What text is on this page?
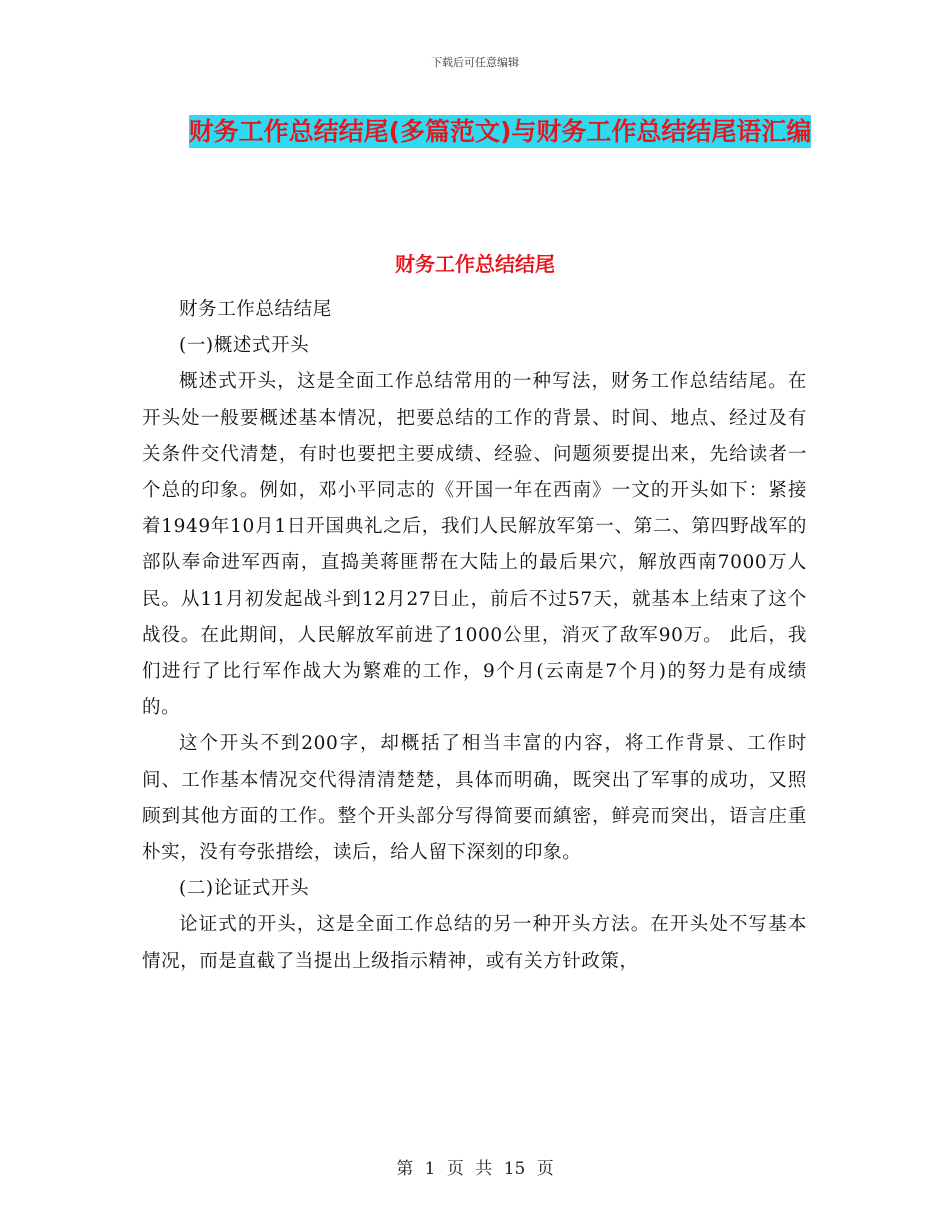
下载后可任意编辑
财务工作总结结尾(多篇范文)与财务工作总结结尾语汇编
财务工作总结结尾

财务工作总结结尾

(一)概述式开头

概述式开头，这是全面工作总结常用的一种写法，财务工作总结结尾。在开头处一般要概述基本情况，把要总结的工作的背景、时间、地点、经过及有关条件交代清楚，有时也要把主要成绩、经验、问题须要提出来，先给读者一个总的印象。例如，邓小平同志的《开国一年在西南》一文的开头如下：紧接着1949年10月1日开国典礼之后，我们人民解放军第一、第二、第四野战军的部队奉命进军西南，直捣美蒋匪帮在大陆上的最后果穴，解放西南7000万人民。从11月初发起战斗到12月27日止，前后不过57天，就基本上结束了这个战役。在此期间，人民解放军前进了1000公里，消灭了敌军90万。 此后，我们进行了比行军作战大为繁难的工作，9个月(云南是7个月)的努力是有成绩的。

这个开头不到200字，却概括了相当丰富的内容，将工作背景、工作时间、工作基本情况交代得清清楚楚，具体而明确，既突出了军事的成功，又照顾到其他方面的工作。整个开头部分写得简要而縝密，鲜亮而突出，语言庄重朴实，没有夸张措绘，读后，给人留下深刻的印象。

(二)论证式开头

论证式的开头，这是全面工作总结的另一种开头方法。在开头处不写基本情况，而是直截了当提出上级指示精神，或有关方针政策，

第 1 页 共 15 页
